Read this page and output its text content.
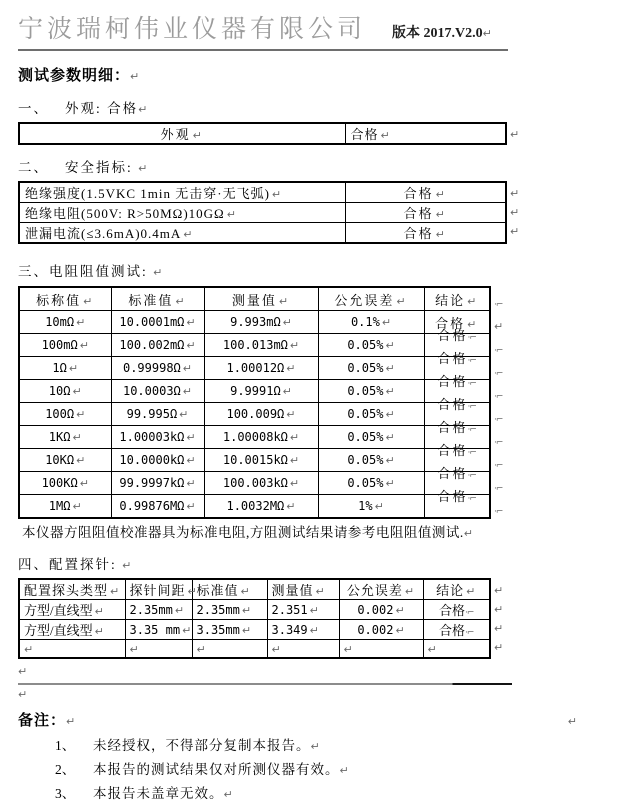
宁波瑞柯伟业仪器有限公司 版本 2017.V2.0↵
测试参数明细：↵
一、 外观: 合格↵
外观↵	合格↵
↵
二、 安全指标: ↵
绝缘强度(1.5VKC 1min 无击穿·无飞弧)↵	合格↵
绝缘电阻(500V: R>50MΩ)10GΩ↵	合格↵
泄漏电流(≤3.6mA)0.4mA↵	合格↵
↵
↵
↵
三、电阻阻值测试: ↵
标称值↵	标准值↵	测量值↵	公允误差↵	结论↵
10mΩ↵	10.0001mΩ↵	9.993mΩ↵	0.1%↵	合格↵
100mΩ↵	100.002mΩ↵	100.013mΩ↵	0.05%↵	合格·⌐
1Ω↵	0.99998Ω↵	1.00012Ω↵	0.05%↵	合格·⌐
10Ω↵	10.0003Ω↵	9.9991Ω↵	0.05%↵	合格·⌐
100Ω↵	99.995Ω↵	100.009Ω↵	0.05%↵	合格·⌐
1KΩ↵	1.00003kΩ↵	1.00008kΩ↵	0.05%↵	合格·⌐
10KΩ↵	10.0000kΩ↵	10.0015kΩ↵	0.05%↵	合格·⌐
100KΩ↵	99.9997kΩ↵	100.003kΩ↵	0.05%↵	合格·⌐
1MΩ↵	0.99876MΩ↵	1.0032MΩ↵	1%↵	合格·⌐
·⌐
↵
·⌐
·⌐
·⌐
·⌐
·⌐
·⌐
·⌐
·⌐
本仪器方阻阻值校准器具为标准电阻,方阻测试结果请参考电阻阻值测试.↵
四、配置探针: ↵
配置探头类型↵	探针间距↵	标准值↵	测量值↵	公允误差↵	结论↵
方型/直线型↵	2.35mm↵	2.35mm↵	2.351↵	0.002↵	合格·⌐
方型/直线型↵	3.35 mm↵	3.35mm↵	3.349↵	0.002↵	合格·⌐
↵	↵	↵	↵	↵	↵
↵
↵
↵
↵
↵
↵
备注：↵
1、 未经授权，不得部分复制本报告。↵
2、 本报告的测试结果仅对所测仪器有效。↵
3、 本报告未盖章无效。↵
↵
